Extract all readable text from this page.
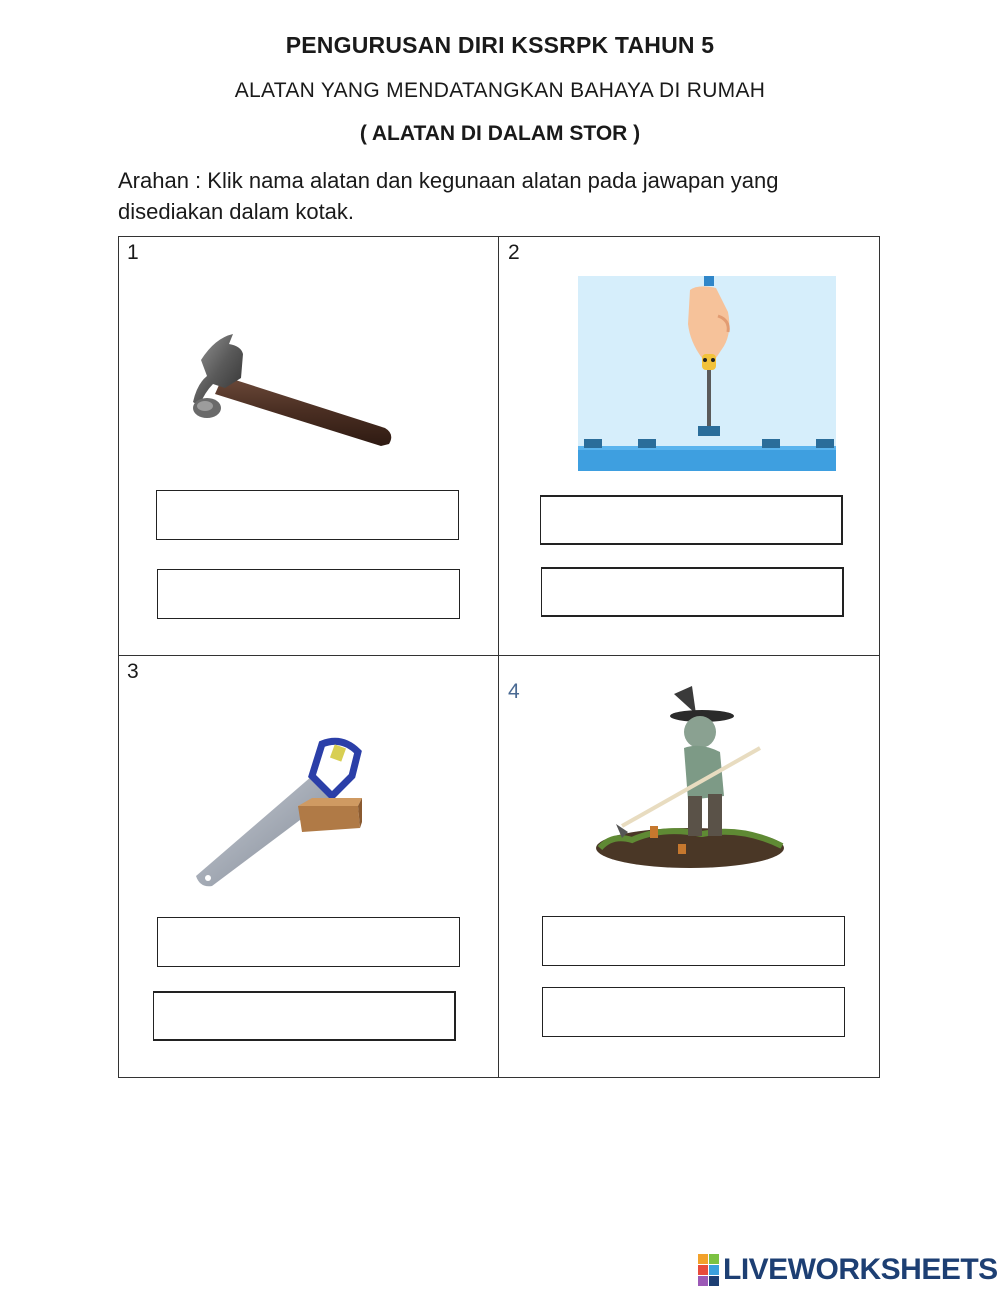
PENGURUSAN DIRI KSSRPK TAHUN 5
ALATAN YANG MENDATANGKAN BAHAYA DI RUMAH
( ALATAN DI DALAM STOR )
Arahan : Klik nama alatan dan kegunaan alatan pada jawapan yang disediakan dalam kotak.
1	2
3
4
LIVEWORKSHEETS
